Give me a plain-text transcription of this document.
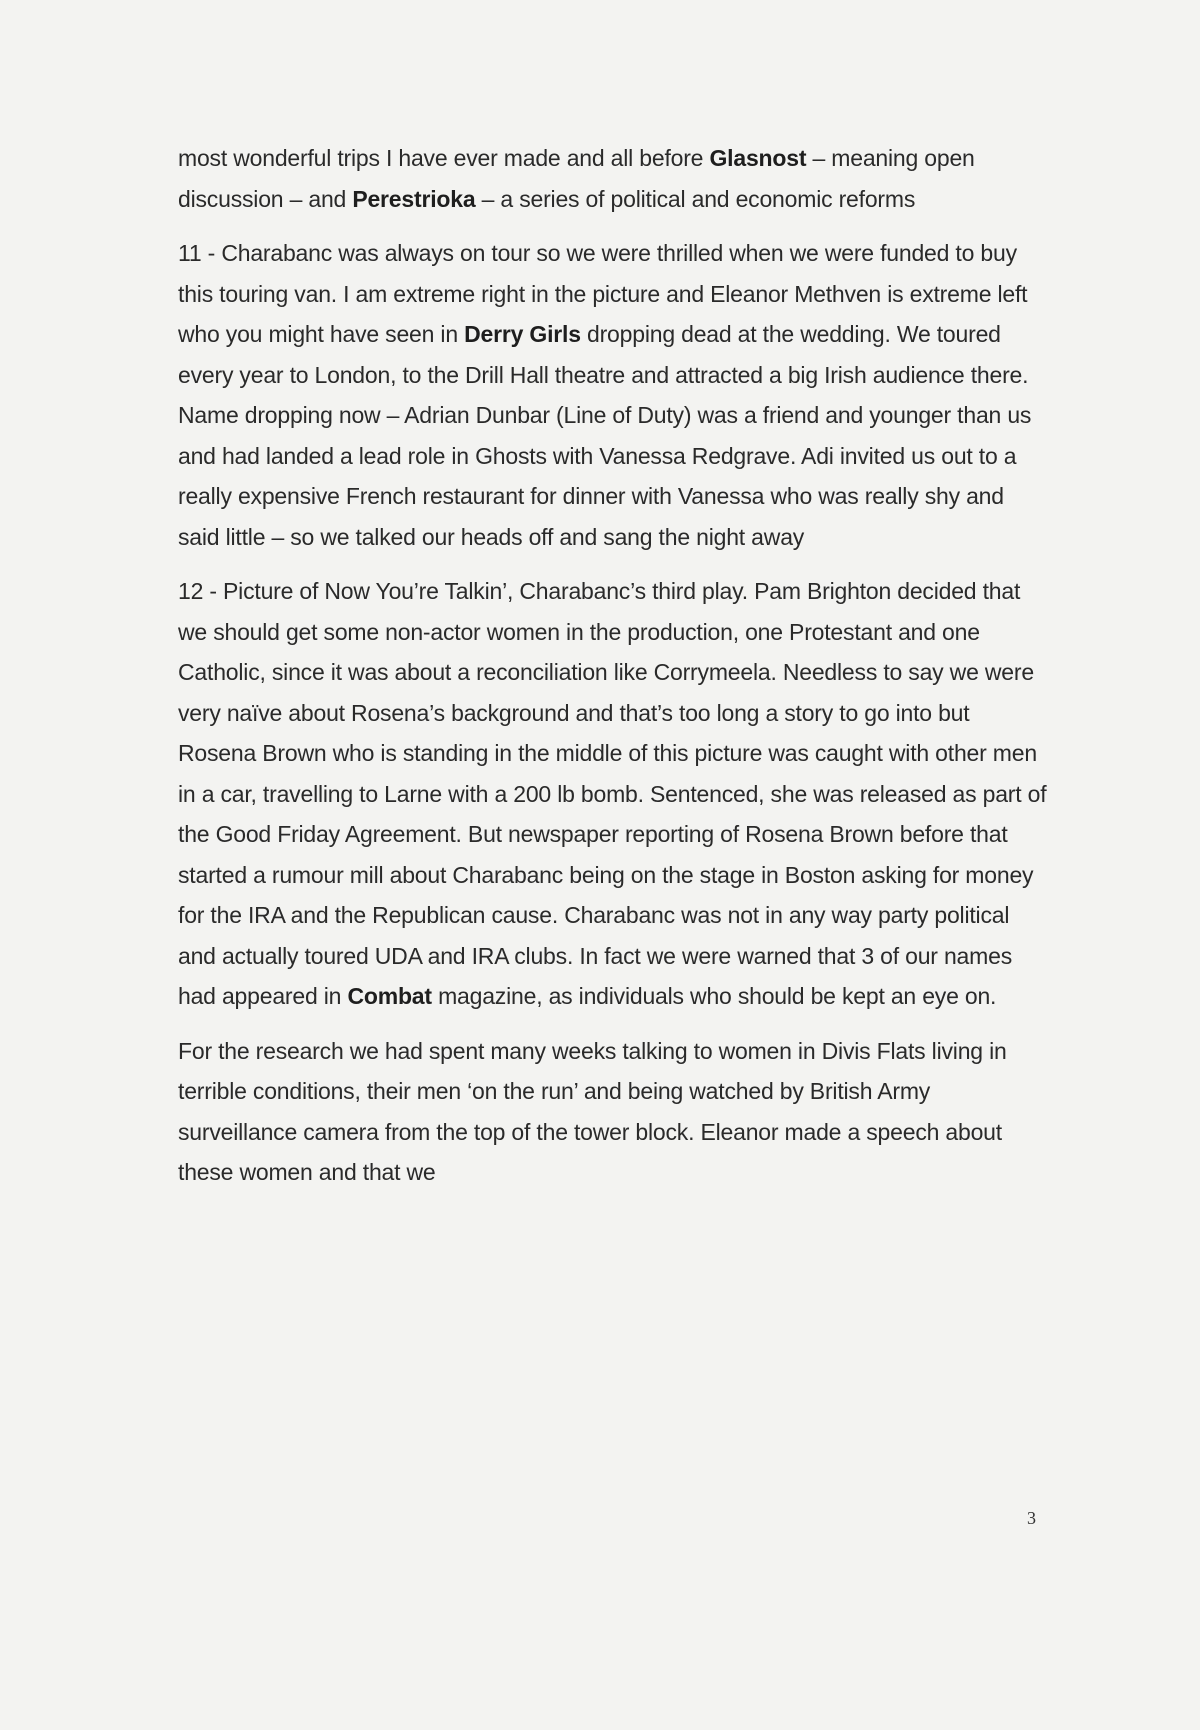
most wonderful trips I have ever made and all before Glasnost – meaning open discussion – and Perestrioka – a series of political and economic reforms

11 - Charabanc was always on tour so we were thrilled when we were funded to buy this touring van. I am extreme right in the picture and Eleanor Methven is extreme left who you might have seen in Derry Girls dropping dead at the wedding. We toured every year to London, to the Drill Hall theatre and attracted a big Irish audience there. Name dropping now – Adrian Dunbar (Line of Duty) was a friend and younger than us and had landed a lead role in Ghosts with Vanessa Redgrave. Adi invited us out to a really expensive French restaurant for dinner with Vanessa who was really shy and said little – so we talked our heads off and sang the night away

12 - Picture of Now You’re Talkin’, Charabanc’s third play. Pam Brighton decided that we should get some non-actor women in the production, one Protestant and one Catholic, since it was about a reconciliation like Corrymeela. Needless to say we were very naïve about Rosena’s background and that’s too long a story to go into but Rosena Brown who is standing in the middle of this picture was caught with other men in a car, travelling to Larne with a 200 lb bomb. Sentenced, she was released as part of the Good Friday Agreement. But newspaper reporting of Rosena Brown before that started a rumour mill about Charabanc being on the stage in Boston asking for money for the IRA and the Republican cause. Charabanc was not in any way party political and actually toured UDA and IRA clubs. In fact we were warned that 3 of our names had appeared in Combat magazine, as individuals who should be kept an eye on.

For the research we had spent many weeks talking to women in Divis Flats living in terrible conditions, their men ‘on the run’ and being watched by British Army surveillance camera from the top of the tower block. Eleanor made a speech about these women and that we

3
